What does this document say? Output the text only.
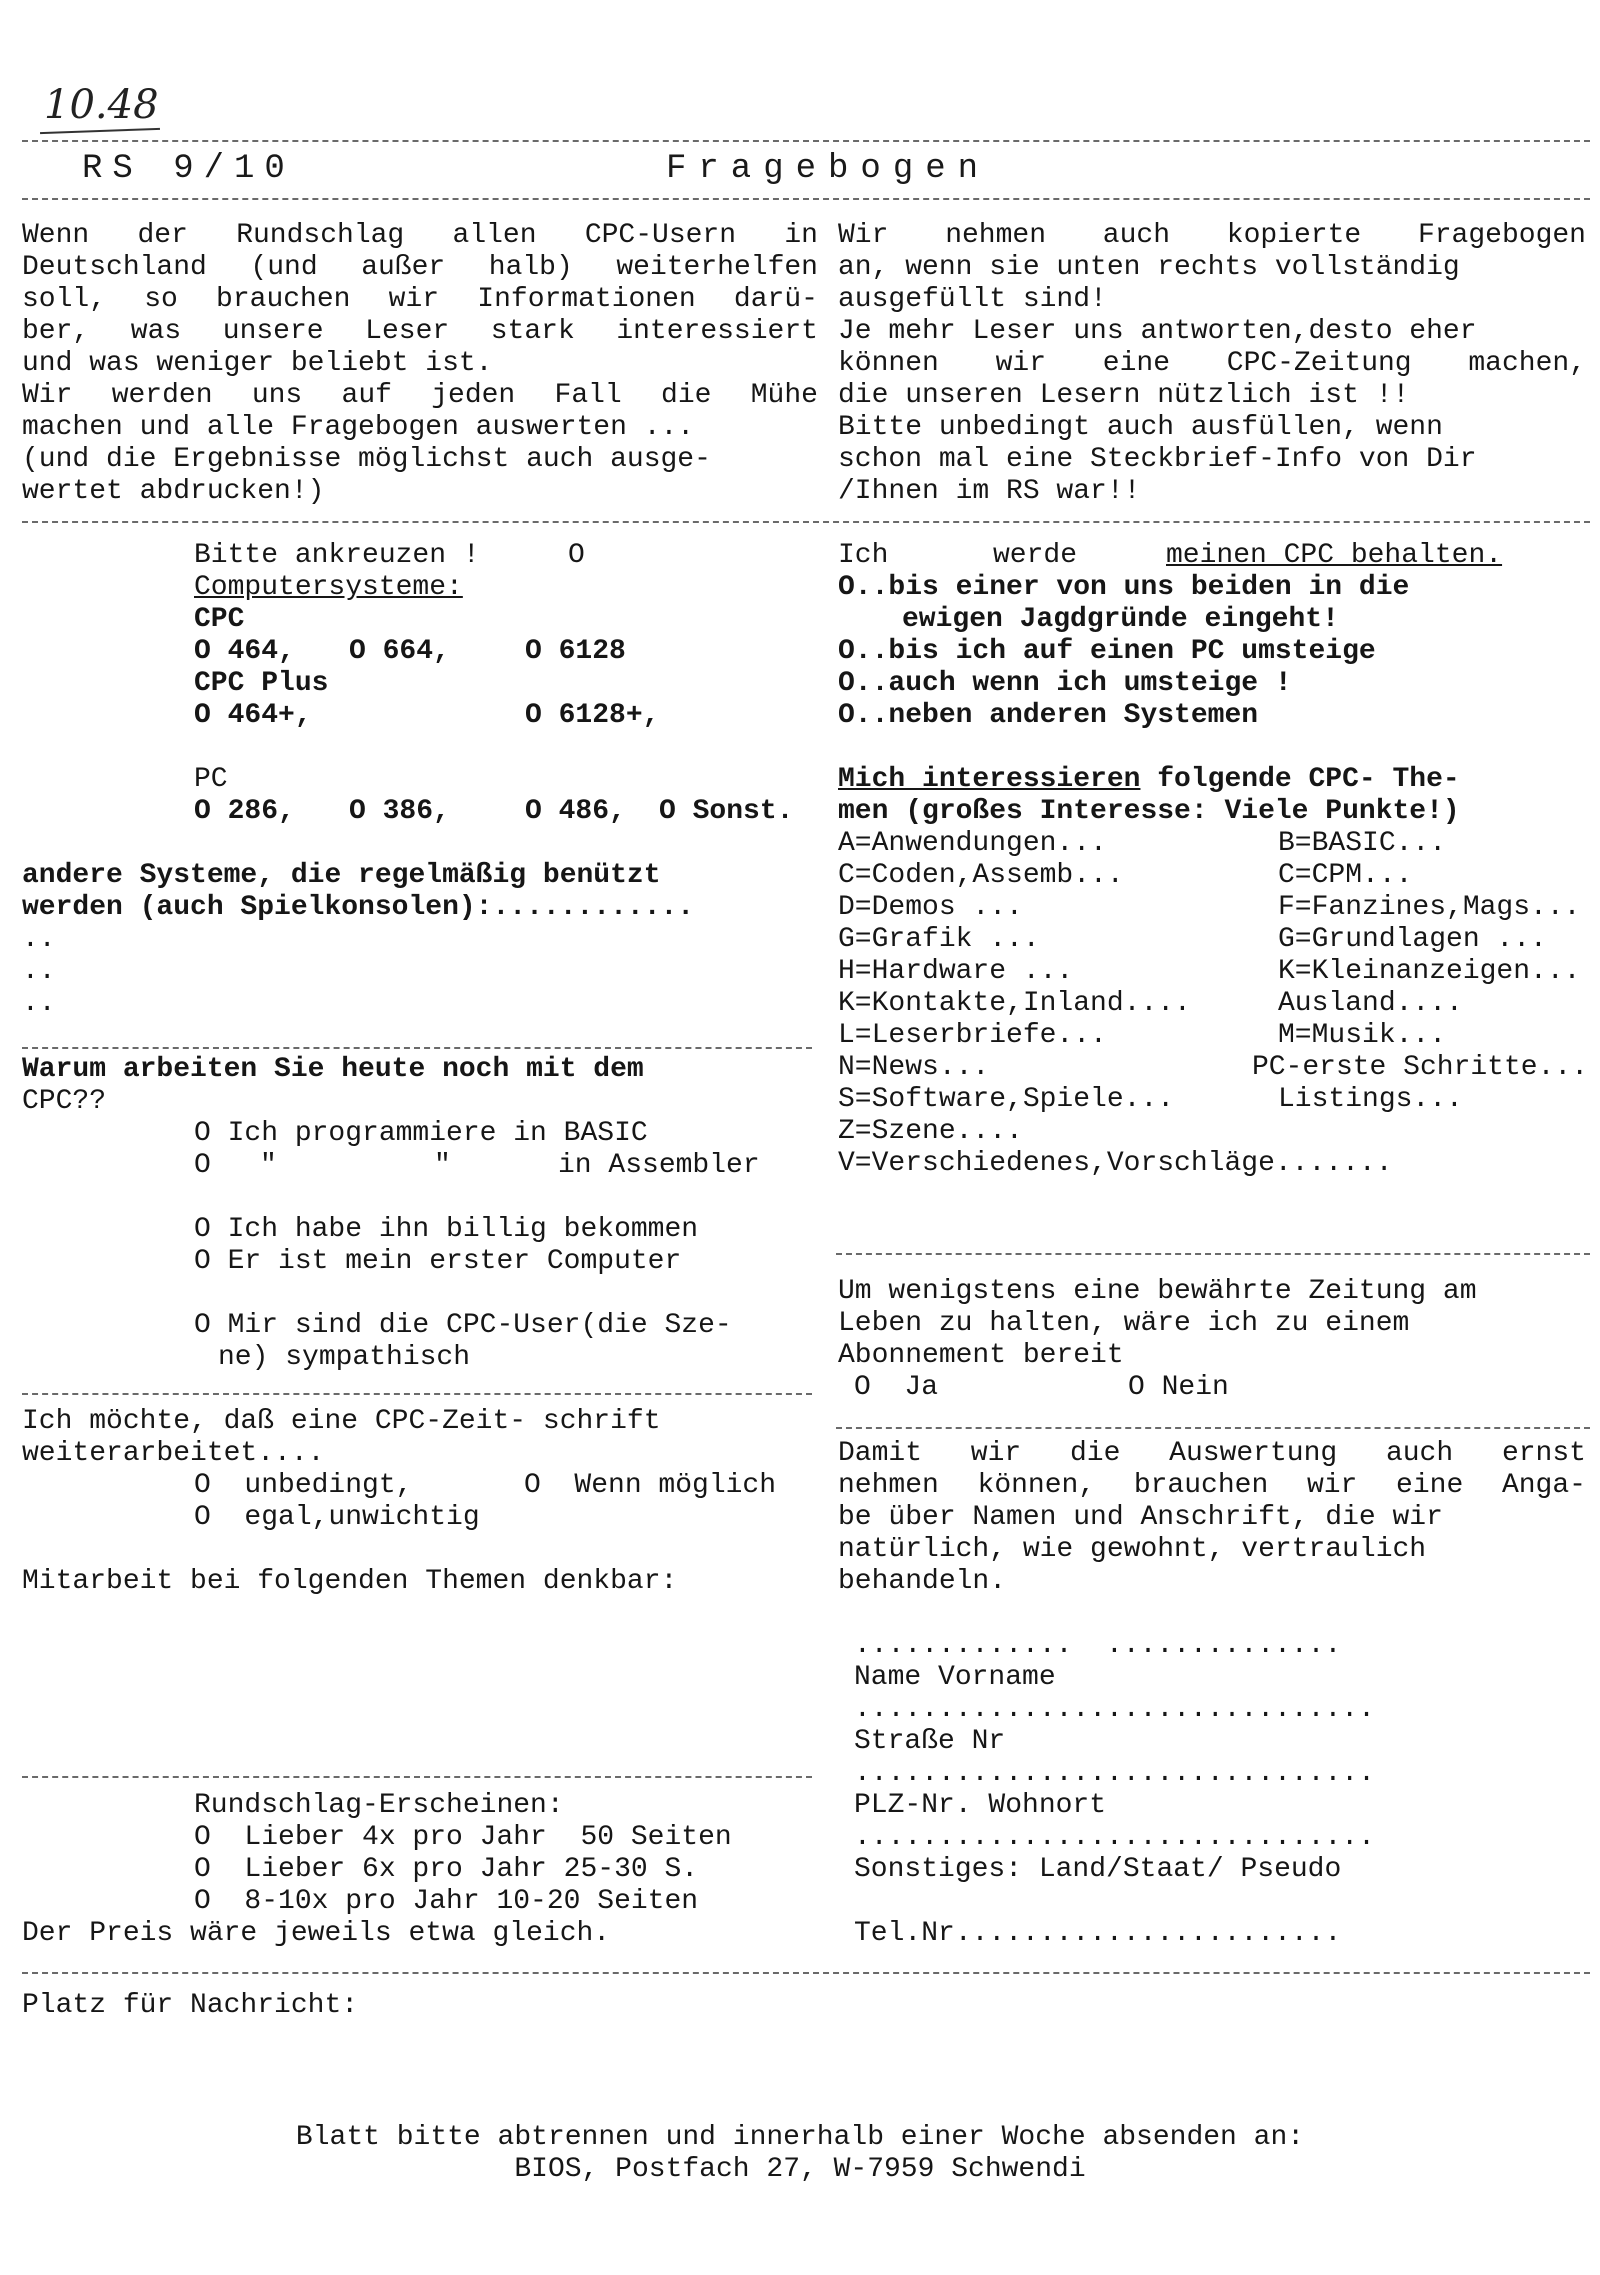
10.48
RS 9/10	Fragebogen
Wenn der Rundschlag allen CPC-Usern in
Deutschland (und außer halb) weiterhelfen
soll, so brauchen wir Informationen darü-
ber, was unsere Leser stark interessiert
und was weniger beliebt ist.
Wir werden uns auf jeden Fall die Mühe
machen und alle Fragebogen auswerten ...
(und die Ergebnisse möglichst auch ausge-
wertet abdrucken!)
Wir nehmen auch kopierte Fragebogen
an, wenn sie unten rechts vollständig
ausgefüllt sind!
Je mehr Leser uns antworten,desto eher
können wir eine CPC-Zeitung machen,
die unseren Lesern nützlich ist !!
Bitte unbedingt auch ausfüllen, wenn
schon mal eine Steckbrief-Info von Dir
/Ihnen im RS war!!
Bitte ankreuzen !	O
Computersysteme:
CPC
O 464,	O 664,	O 6128
CPC Plus
O 464+,	O 6128+,
PC
O 286,	O 386,	O 486,	O Sonst.
andere Systeme, die regelmäßig benützt
werden (auch Spielkonsolen):............
..
..
..
Warum arbeiten Sie heute noch mit dem
CPC??
O Ich programmiere in BASIC
O	"	"	in Assembler
O Ich habe ihn billig bekommen
O Er ist mein erster Computer
O Mir sind die CPC-User(die Sze-
ne) sympathisch
Ich möchte, daß eine CPC-Zeit- schrift
weiterarbeitet....
O  unbedingt,	O  Wenn möglich
O  egal,unwichtig
Mitarbeit bei folgenden Themen denkbar:
Rundschlag-Erscheinen:
O  Lieber 4x pro Jahr  50 Seiten
O  Lieber 6x pro Jahr 25-30 S.
O  8-10x pro Jahr 10-20 Seiten
Der Preis wäre jeweils etwa gleich.
Ich	werde	meinen CPC behalten.
O..bis einer von uns beiden in die
ewigen Jagdgründe eingeht!
O..bis ich auf einen PC umsteige
O..auch wenn ich umsteige !
O..neben anderen Systemen
Mich interessieren folgende CPC- The-
men (großes Interesse: Viele Punkte!)
A=Anwendungen...	B=BASIC...
C=Coden,Assemb...	C=CPM...
D=Demos ...	F=Fanzines,Mags...
G=Grafik ...	G=Grundlagen ...
H=Hardware ...	K=Kleinanzeigen...
K=Kontakte,Inland....	Ausland....
L=Leserbriefe...	M=Musik...
N=News...	PC-erste Schritte...
S=Software,Spiele...	Listings...
Z=Szene....
V=Verschiedenes,Vorschläge.......
Um wenigstens eine bewährte Zeitung am
Leben zu halten, wäre ich zu einem
Abonnement bereit
O  Ja	O Nein
Damit wir die Auswertung auch ernst
nehmen können, brauchen wir eine Anga-
be über Namen und Anschrift, die wir
natürlich, wie gewohnt, vertraulich
behandeln.
.............  ..............
Name Vorname
...............................
Straße Nr
...............................
PLZ-Nr. Wohnort
...............................
Sonstiges: Land/Staat/ Pseudo
Tel.Nr.......................
Platz für Nachricht:
Blatt bitte abtrennen und innerhalb einer Woche absenden an:
BIOS, Postfach 27, W-7959 Schwendi
